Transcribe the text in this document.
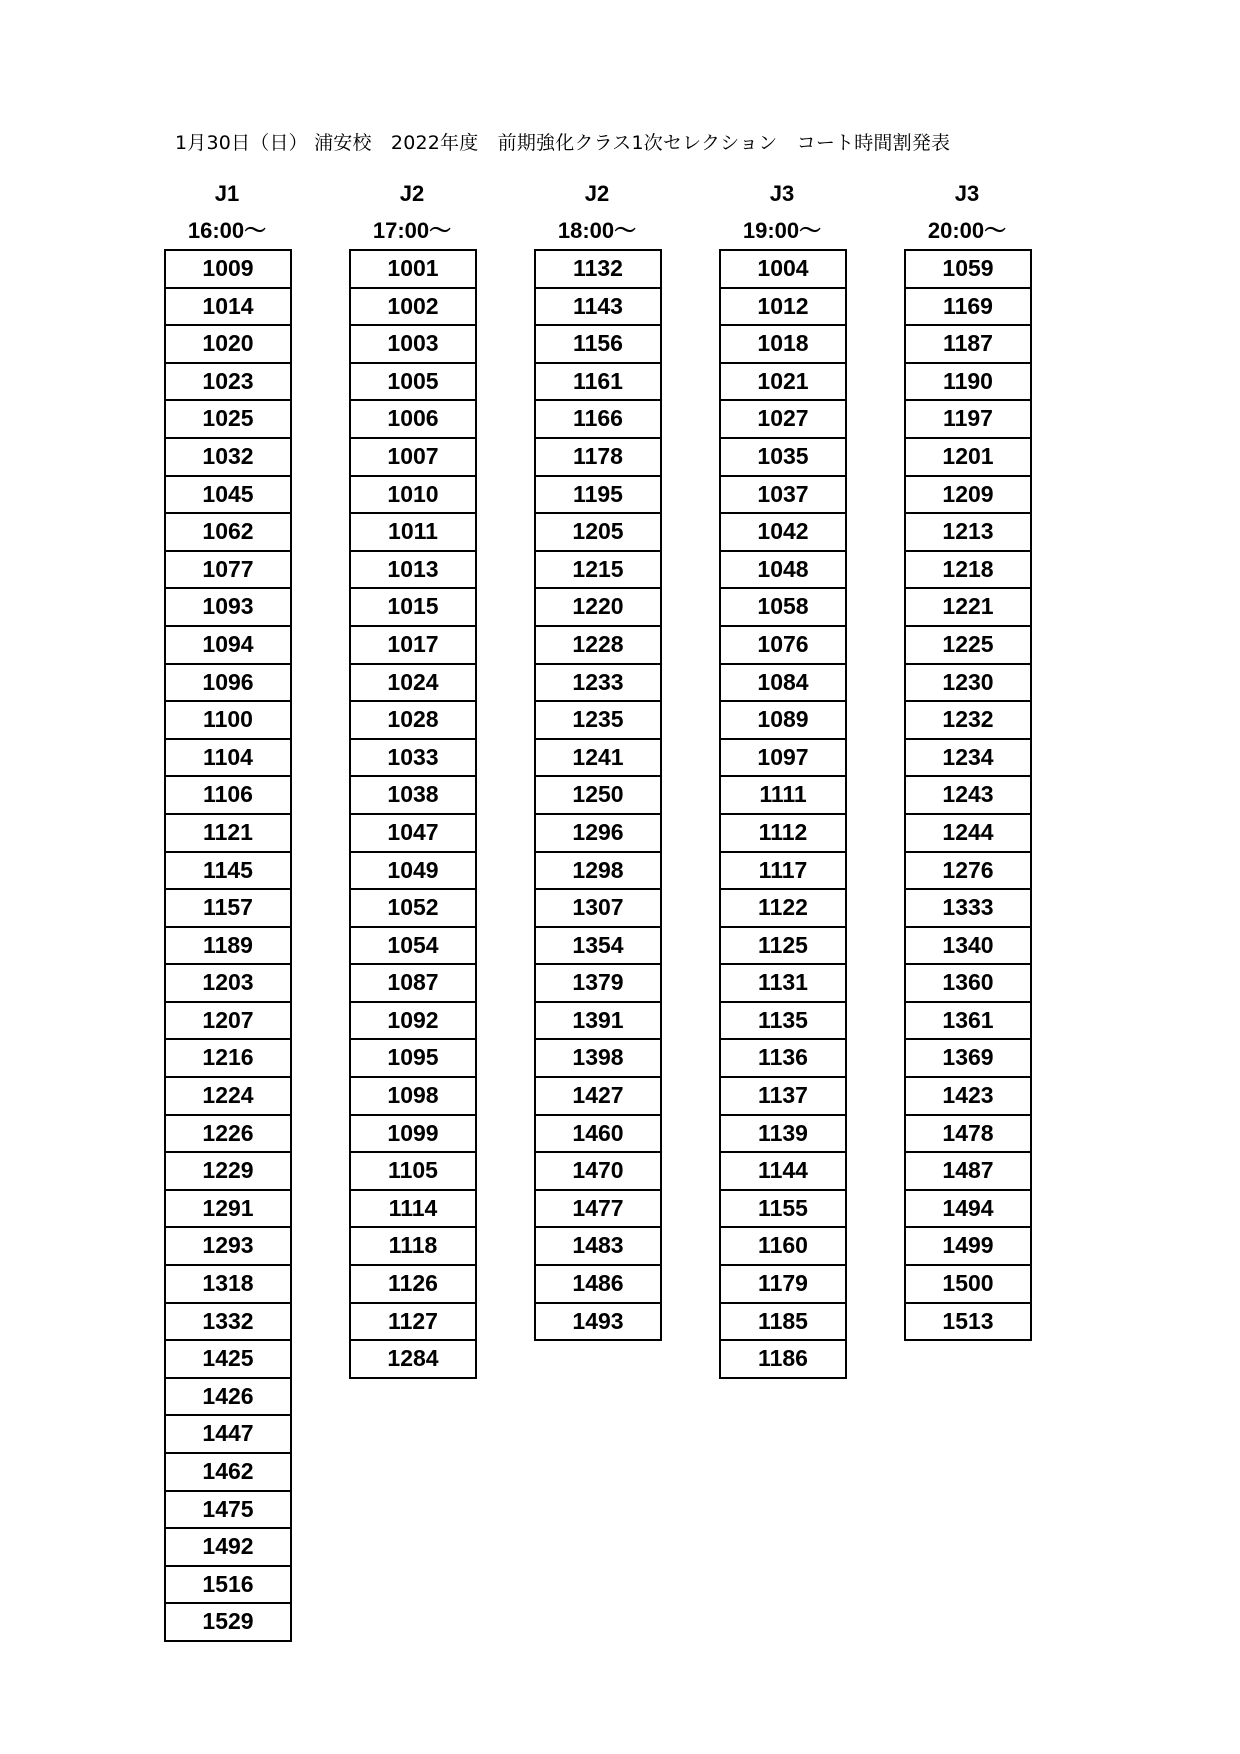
1月30日（日） 浦安校　2022年度　前期強化クラス1次セレクション　コート時間割発表
J1
16:00～
1009
1014
1020
1023
1025
1032
1045
1062
1077
1093
1094
1096
1100
1104
1106
1121
1145
1157
1189
1203
1207
1216
1224
1226
1229
1291
1293
1318
1332
1425
1426
1447
1462
1475
1492
1516
1529
J2
17:00～
1001
1002
1003
1005
1006
1007
1010
1011
1013
1015
1017
1024
1028
1033
1038
1047
1049
1052
1054
1087
1092
1095
1098
1099
1105
1114
1118
1126
1127
1284
J2
18:00～
1132
1143
1156
1161
1166
1178
1195
1205
1215
1220
1228
1233
1235
1241
1250
1296
1298
1307
1354
1379
1391
1398
1427
1460
1470
1477
1483
1486
1493
J3
19:00～
1004
1012
1018
1021
1027
1035
1037
1042
1048
1058
1076
1084
1089
1097
1111
1112
1117
1122
1125
1131
1135
1136
1137
1139
1144
1155
1160
1179
1185
1186
J3
20:00～
1059
1169
1187
1190
1197
1201
1209
1213
1218
1221
1225
1230
1232
1234
1243
1244
1276
1333
1340
1360
1361
1369
1423
1478
1487
1494
1499
1500
1513
